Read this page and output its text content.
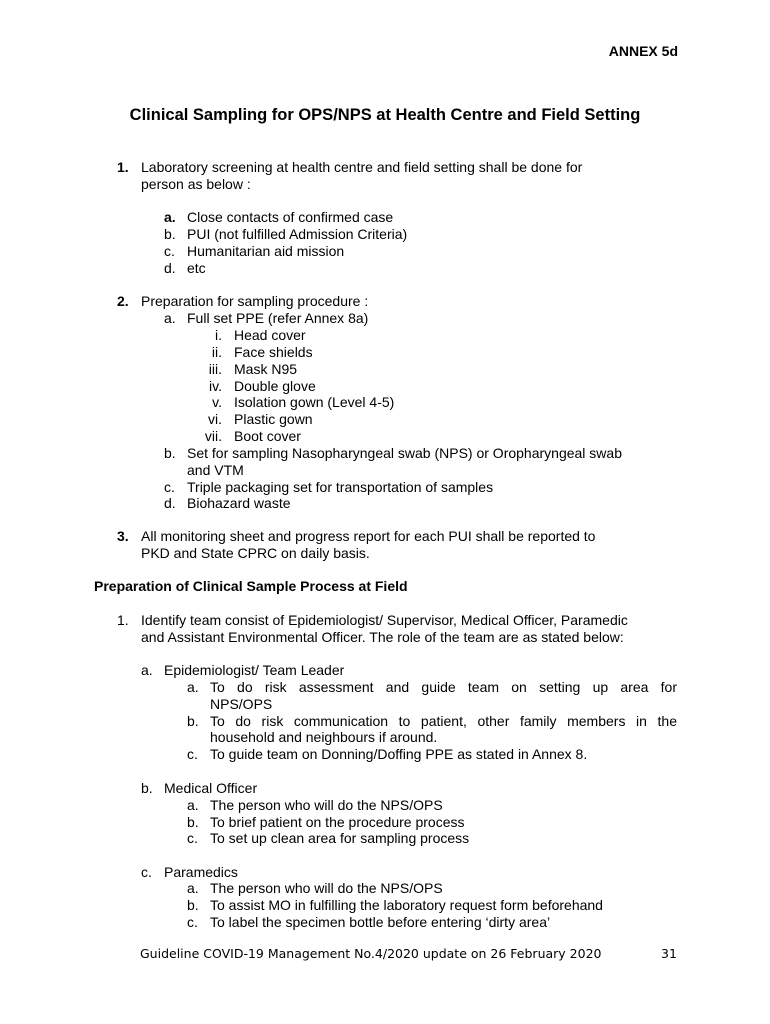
ANNEX 5d
Clinical Sampling for OPS/NPS at Health Centre and Field Setting
1. Laboratory screening at health centre and field setting shall be done for
person as below :
a. Close contacts of confirmed case
b. PUI (not fulfilled Admission Criteria)
c. Humanitarian aid mission
d. etc
2. Preparation for sampling procedure :
a. Full set PPE (refer Annex 8a)
i. Head cover
ii. Face shields
iii. Mask N95
iv. Double glove
v. Isolation gown (Level 4-5)
vi. Plastic gown
vii. Boot cover
b. Set for sampling Nasopharyngeal swab (NPS) or Oropharyngeal swab
and VTM
c. Triple packaging set for transportation of samples
d. Biohazard waste
3. All monitoring sheet and progress report for each PUI shall be reported to
PKD and State CPRC on daily basis.
Preparation of Clinical Sample Process at Field
1. Identify team consist of Epidemiologist/ Supervisor, Medical Officer, Paramedic
and Assistant Environmental Officer. The role of the team are as stated below:
a. Epidemiologist/ Team Leader
a. To do risk assessment and guide team on setting up area for
NPS/OPS
b. To do risk communication to patient, other family members in the
household and neighbours if around.
c. To guide team on Donning/Doffing PPE as stated in Annex 8.
b. Medical Officer
a. The person who will do the NPS/OPS
b. To brief patient on the procedure process
c. To set up clean area for sampling process
c. Paramedics
a. The person who will do the NPS/OPS
b. To assist MO in fulfilling the laboratory request form beforehand
c. To label the specimen bottle before entering ‘dirty area’
Guideline COVID-19 Management No.4/2020 update on 26 February 2020	31
